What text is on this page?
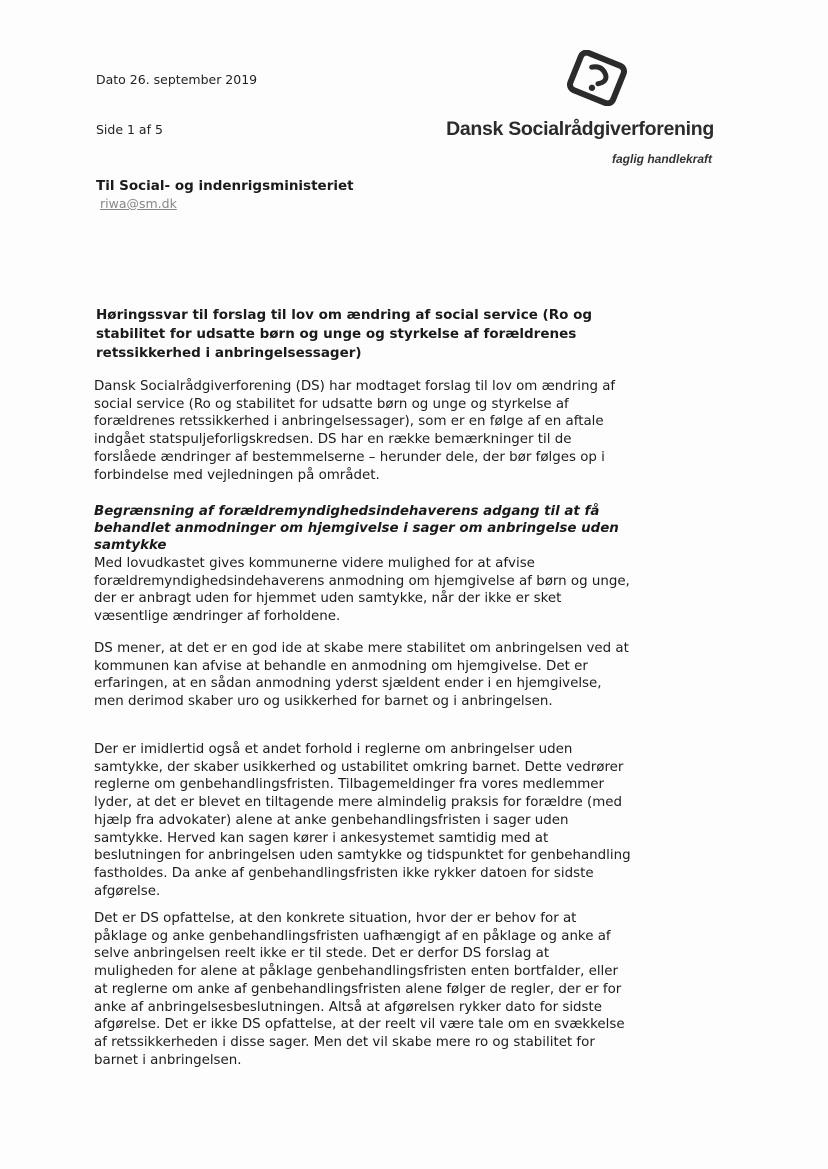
Dato 26. september 2019
Side 1 af 5	Dansk Socialrådgiverforening
faglig handlekraft
Til Social- og indenrigsministeriet
riwa@sm.dk
Høringssvar til forslag til lov om ændring af social service (Ro og stabilitet for udsatte børn og unge og styrkelse af forældrenes retssikkerhed i anbringelsessager)

Dansk Socialrådgiverforening (DS) har modtaget forslag til lov om ændring af social service (Ro og stabilitet for udsatte børn og unge og styrkelse af forældrenes retssikkerhed i anbringelsessager), som er en følge af en aftale indgået statspuljeforligskredsen. DS har en række bemærkninger til de forslåede ændringer af bestemmelserne – herunder dele, der bør følges op i forbindelse med vejledningen på området.

Begrænsning af forældremyndighedsindehaverens adgang til at få behandlet anmodninger om hjemgivelse i sager om anbringelse uden samtykke

Med lovudkastet gives kommunerne videre mulighed for at afvise forældremyndighedsindehaverens anmodning om hjemgivelse af børn og unge, der er anbragt uden for hjemmet uden samtykke, når der ikke er sket væsentlige ændringer af forholdene.

DS mener, at det er en god ide at skabe mere stabilitet om anbringelsen ved at kommunen kan afvise at behandle en anmodning om hjemgivelse. Det er erfaringen, at en sådan anmodning yderst sjældent ender i en hjemgivelse, men derimod skaber uro og usikkerhed for barnet og i anbringelsen.

Der er imidlertid også et andet forhold i reglerne om anbringelser uden samtykke, der skaber usikkerhed og ustabilitet omkring barnet. Dette vedrører reglerne om genbehandlingsfristen. Tilbagemeldinger fra vores medlemmer lyder, at det er blevet en tiltagende mere almindelig praksis for forældre (med hjælp fra advokater) alene at anke genbehandlingsfristen i sager uden samtykke. Herved kan sagen kører i ankesystemet samtidig med at beslutningen for anbringelsen uden samtykke og tidspunktet for genbehandling fastholdes. Da anke af genbehandlingsfristen ikke rykker datoen for sidste afgørelse.

Det er DS opfattelse, at den konkrete situation, hvor der er behov for at påklage og anke genbehandlingsfristen uafhængigt af en påklage og anke af selve anbringelsen reelt ikke er til stede. Det er derfor DS forslag at muligheden for alene at påklage genbehandlingsfristen enten bortfalder, eller at reglerne om anke af genbehandlingsfristen alene følger de regler, der er for anke af anbringelsesbeslutningen. Altså at afgørelsen rykker dato for sidste afgørelse. Det er ikke DS opfattelse, at der reelt vil være tale om en svækkelse af retssikkerheden i disse sager. Men det vil skabe mere ro og stabilitet for barnet i anbringelsen.
